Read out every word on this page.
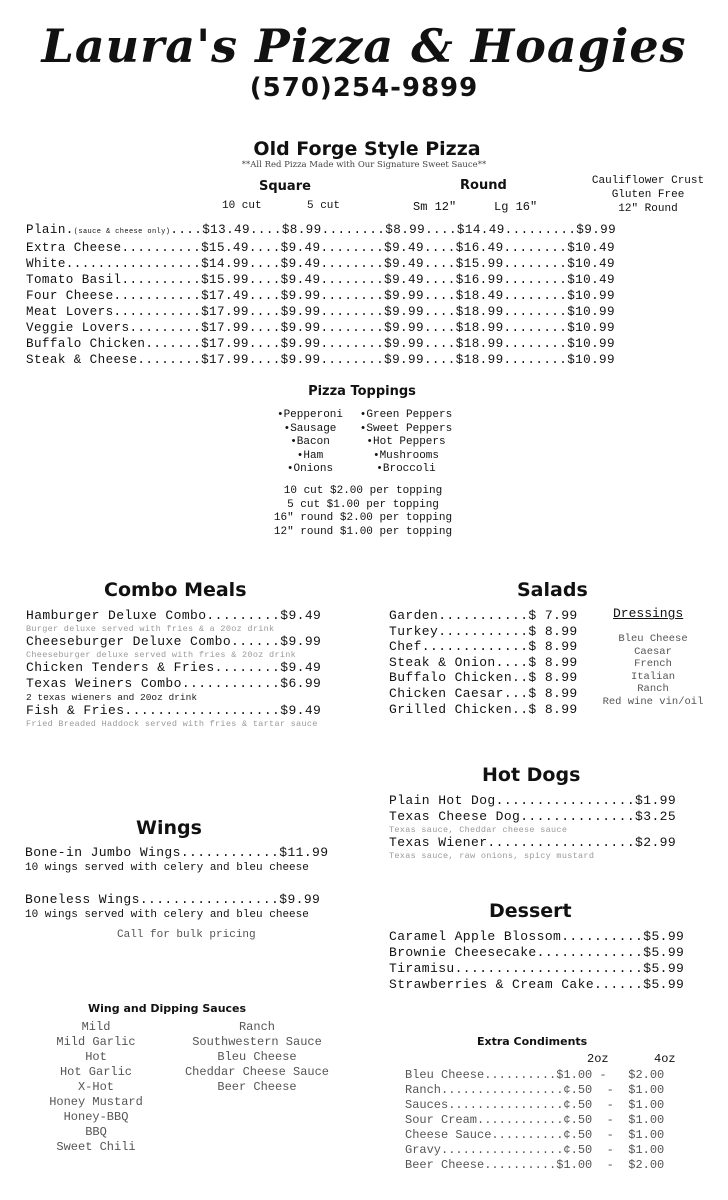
Laura's Pizza & Hoagies
(570)254-9899
Old Forge Style Pizza
**All Red Pizza Made with Our Signature Sweet Sauce**
Square	Round	Cauliflower Crust
Gluten Free
12" Round
10 cut	5 cut	Sm 12"	Lg 16"
Plain.(sauce & cheese only)....$13.49....$8.99........$8.99....$14.49.........$9.99
Extra Cheese..........$15.49....$9.49........$9.49....$16.49........$10.49
White.................$14.99....$9.49........$9.49....$15.99........$10.49
Tomato Basil..........$15.99....$9.49........$9.49....$16.99........$10.49
Four Cheese...........$17.49....$9.99........$9.99....$18.49........$10.99
Meat Lovers...........$17.99....$9.99........$9.99....$18.99........$10.99
Veggie Lovers.........$17.99....$9.99........$9.99....$18.99........$10.99
Buffalo Chicken.......$17.99....$9.99........$9.99....$18.99........$10.99
Steak & Cheese........$17.99....$9.99........$9.99....$18.99........$10.99
Pizza Toppings
•Pepperoni
•Sausage
•Bacon
•Ham
•Onions
•Green Peppers
•Sweet Peppers
•Hot Peppers
•Mushrooms
•Broccoli
10 cut $2.00 per topping
5 cut $1.00 per topping
16" round $2.00 per topping
12" round $1.00 per topping
Combo Meals
Hamburger Deluxe Combo.........$9.49
Burger deluxe served with fries & a 20oz drink
Cheeseburger Deluxe Combo......$9.99
Cheeseburger deluxe served with fries & 20oz drink
Chicken Tenders & Fries........$9.49
Texas Weiners Combo............$6.99
2 texas wieners and 20oz drink
Fish & Fries...................$9.49
Fried Breaded Haddock served with fries & tartar sauce
Salads
Garden...........$ 7.99
Turkey...........$ 8.99
Chef.............$ 8.99
Steak & Onion....$ 8.99
Buffalo Chicken..$ 8.99
Chicken Caesar...$ 8.99
Grilled Chicken..$ 8.99
Dressings
Bleu Cheese
Caesar
French
Italian
Ranch
Red wine vin/oil
Hot Dogs
Plain Hot Dog.................$1.99
Texas Cheese Dog..............$3.25
Texas sauce, Cheddar cheese sauce
Texas Wiener..................$2.99
Texas sauce, raw onions, spicy mustard
Wings
Bone-in Jumbo Wings............$11.99
10 wings served with celery and bleu cheese
Boneless Wings.................$9.99
10 wings served with celery and bleu cheese
Call for bulk pricing
Dessert
Caramel Apple Blossom..........$5.99
Brownie Cheesecake.............$5.99
Tiramisu.......................$5.99
Strawberries & Cream Cake......$5.99
Wing and Dipping Sauces
Mild
Mild Garlic
Hot
Hot Garlic
X-Hot
Honey Mustard
Honey-BBQ
BBQ
Sweet Chili
Ranch
Southwestern Sauce
Bleu Cheese
Cheddar Cheese Sauce
Beer Cheese
Extra Condiments
2oz	4oz
Bleu Cheese..........$1.00 -   $2.00
Ranch.................¢.50  -  $1.00
Sauces................¢.50  -  $1.00
Sour Cream............¢.50  -  $1.00
Cheese Sauce..........¢.50  -  $1.00
Gravy.................¢.50  -  $1.00
Beer Cheese..........$1.00  -  $2.00
